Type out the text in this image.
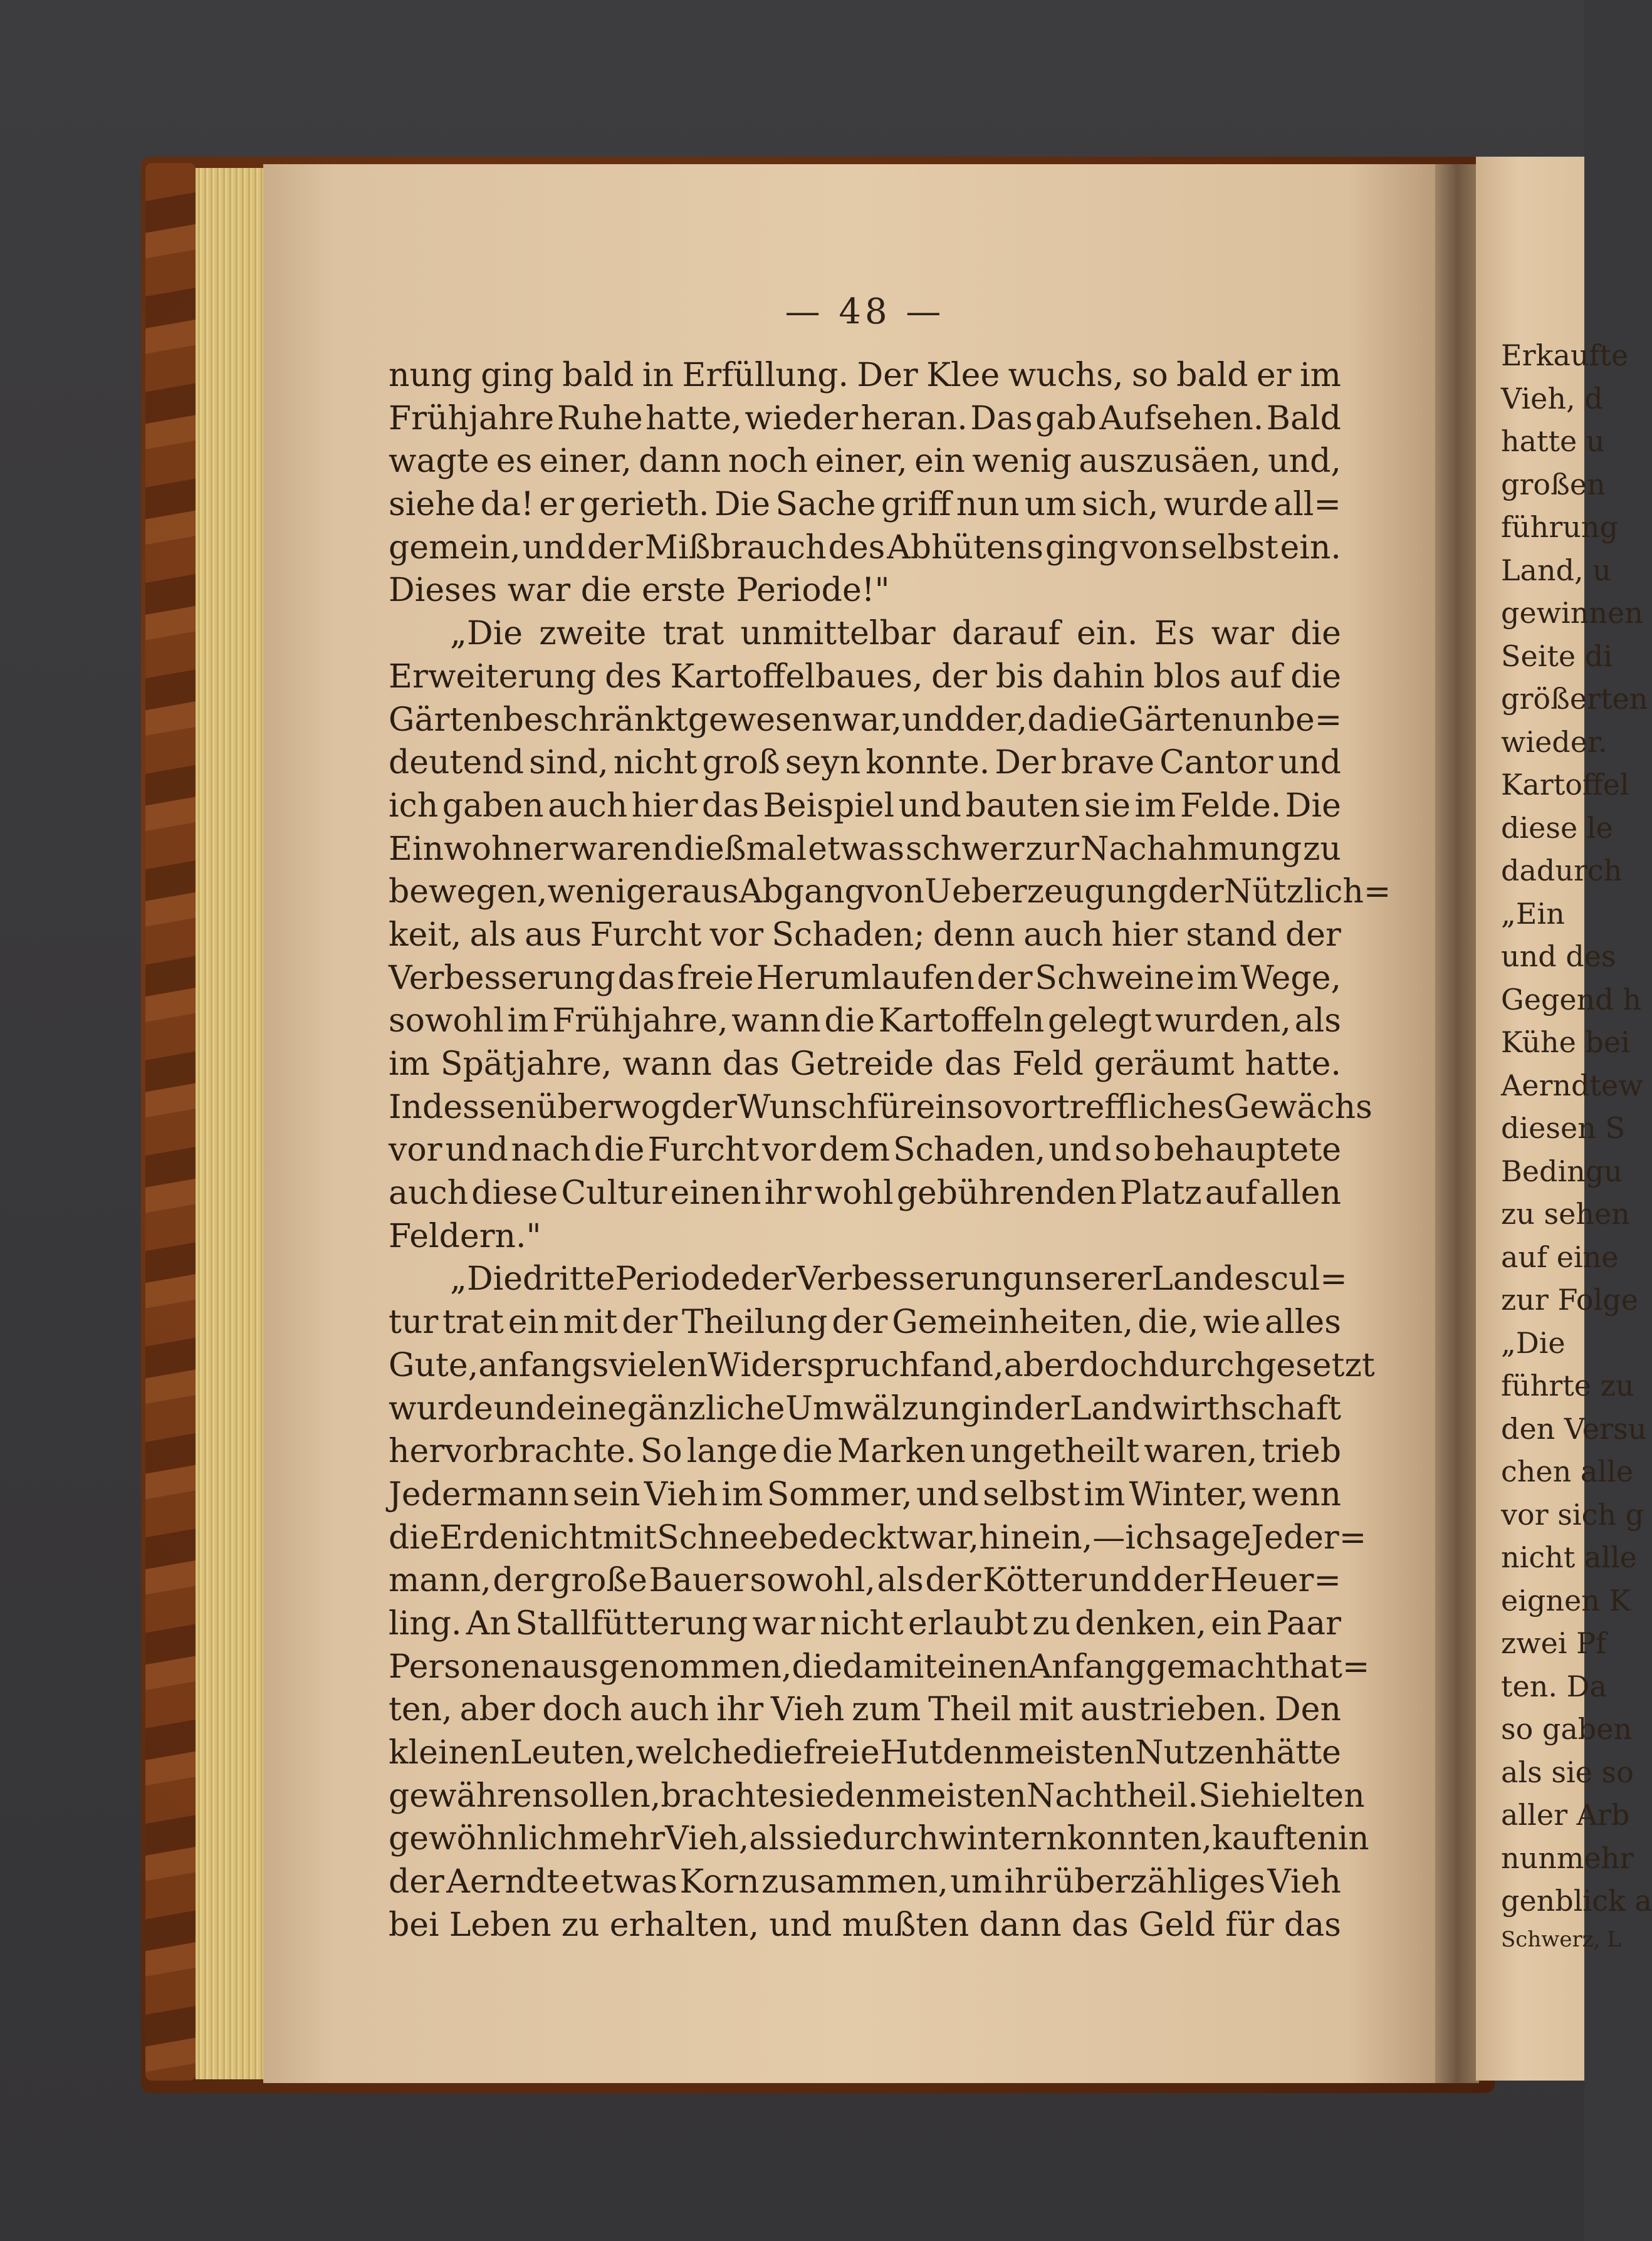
Erkaufte
Vieh, d
hatte u
großen
führung
Land, u
gewinnen
Seite di
größerten
wieder.
Kartoffel
diese le
dadurch
„Ein
und des
Gegend h
Kühe bei
Aerndtew
diesen S
Bedingu
zu sehen
auf eine
zur Folge
„Die
führte zu
den Versu
chen alle
vor sich g
nicht alle
eignen K
zwei Pf
ten. Da
so gaben
als sie so
aller Arb
nunmehr
genblick a
Schwerz, L
— 48 —
nung ging bald in Erfüllung. Der Klee wuchs, so bald er im
Frühjahre Ruhe hatte, wieder heran. Das gab Aufsehen. Bald
wagte es einer, dann noch einer, ein wenig auszusäen, und,
siehe da! er gerieth. Die Sache griff nun um sich, wurde all=
gemein, und der Mißbrauch des Abhütens ging von selbst ein.
Dieses war die erste Periode!"
„Die zweite trat unmittelbar darauf ein. Es war die
Erweiterung des Kartoffelbaues, der bis dahin blos auf die
Gärten beschränkt gewesen war, und der, da die Gärten unbe=
deutend sind, nicht groß seyn konnte. Der brave Cantor und
ich gaben auch hier das Beispiel und bauten sie im Felde. Die
Einwohner waren dießmal etwas schwer zur Nachahmung zu
bewegen, weniger aus Abgang von Ueberzeugung der Nützlich=
keit, als aus Furcht vor Schaden; denn auch hier stand der
Verbesserung das freie Herumlaufen der Schweine im Wege,
sowohl im Frühjahre, wann die Kartoffeln gelegt wurden, als
im Spätjahre, wann das Getreide das Feld geräumt hatte.
Indessen überwog der Wunsch für ein so vortreffliches Gewächs
vor und nach die Furcht vor dem Schaden, und so behauptete
auch diese Cultur einen ihr wohl gebührenden Platz auf allen
Feldern."
„Die dritte Periode der Verbesserung unserer Landescul=
tur trat ein mit der Theilung der Gemeinheiten, die, wie alles
Gute, anfangs vielen Widerspruch fand, aber doch durchgesetzt
wurde und eine gänzliche Umwälzung in der Landwirthschaft
hervorbrachte. So lange die Marken ungetheilt waren, trieb
Jedermann sein Vieh im Sommer, und selbst im Winter, wenn
die Erde nicht mit Schnee bedeckt war, hinein, — ich sage Jeder=
mann, der große Bauer sowohl, als der Kötter und der Heuer=
ling. An Stallfütterung war nicht erlaubt zu denken, ein Paar
Personen ausgenommen, die damit einen Anfang gemacht hat=
ten, aber doch auch ihr Vieh zum Theil mit austrieben. Den
kleinen Leuten, welche die freie Hut den meisten Nutzen hätte
gewähren sollen, brachte sie den meisten Nachtheil. Sie hielten
gewöhnlich mehr Vieh, als sie durchwintern konnten, kauften in
der Aerndte etwas Korn zusammen, um ihr überzähliges Vieh
bei Leben zu erhalten, und mußten dann das Geld für das
